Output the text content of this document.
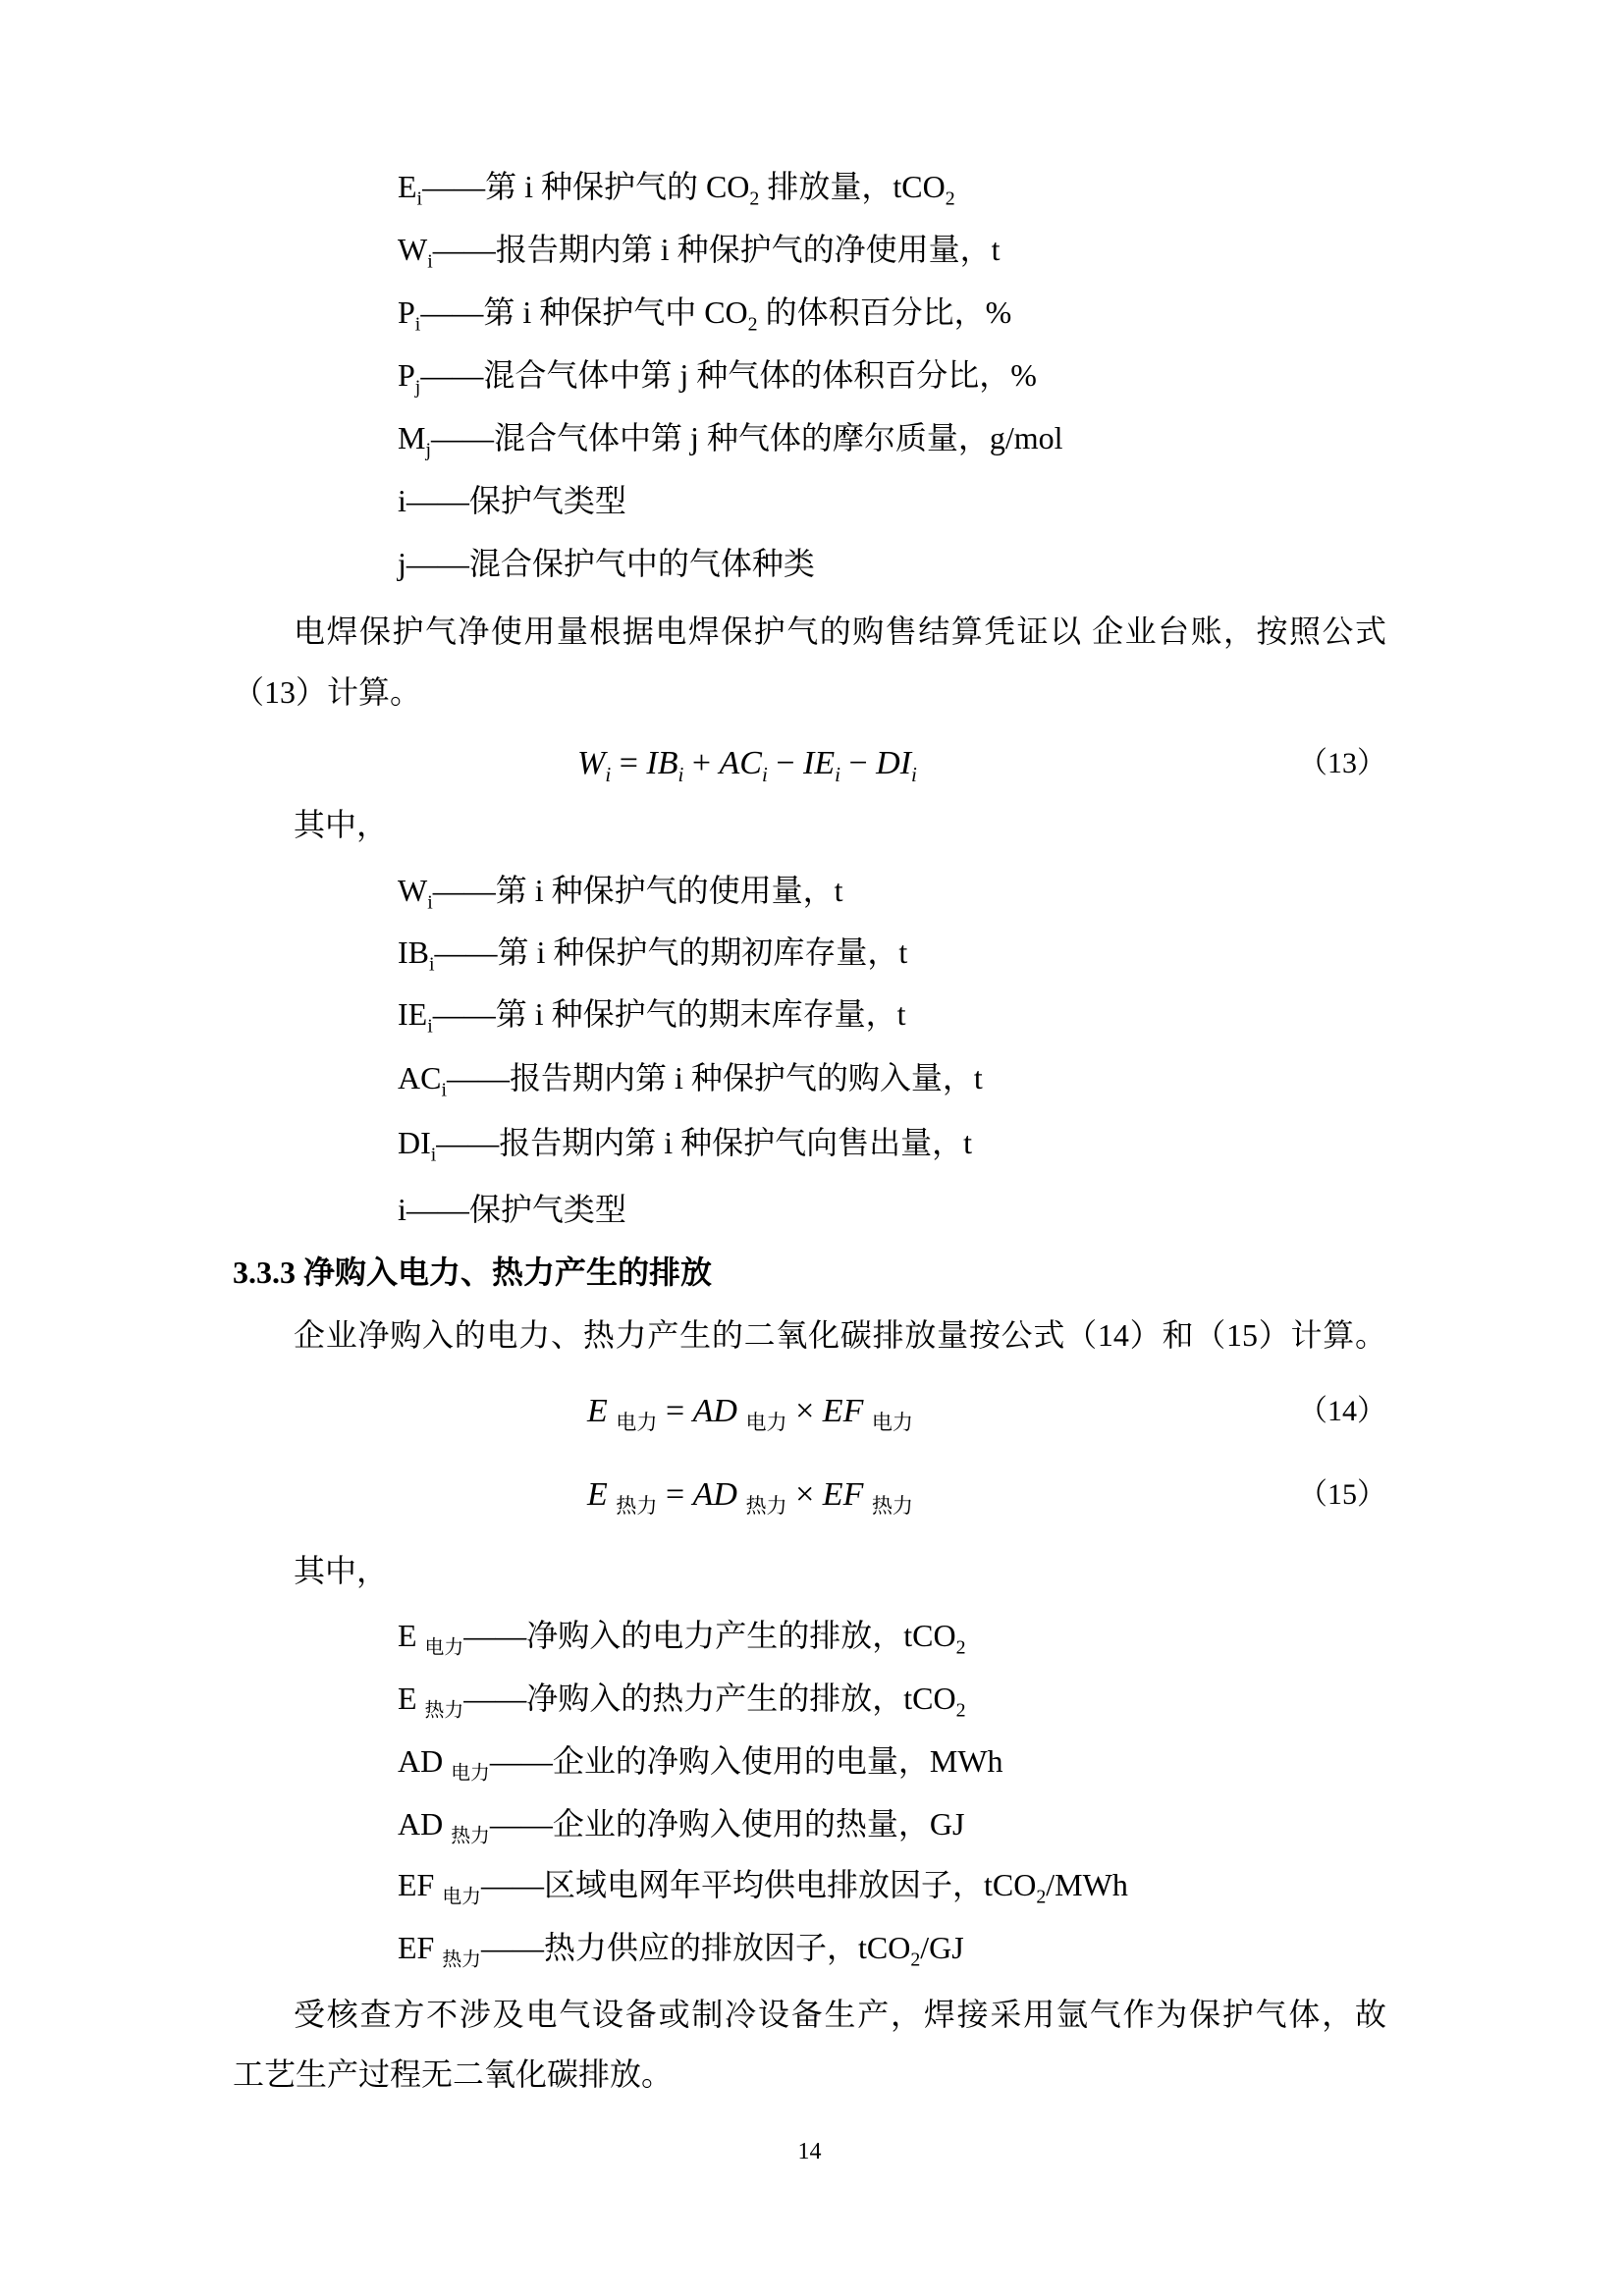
$E_i——$第 i 种保护气的 $CO_2$ 排放量，tCO$_2$
$W_i——$报告期内第 i 种保护气的净使用量，t
$P_i——$第 i 种保护气中 $CO_2$ 的体积百分比，%
$P_j——$混合气体中第 j 种气体的体积百分比，%
$M_j——$混合气体中第 j 种气体的摩尔质量，g/mol
i——保护气类型
j——混合保护气中的气体种类
电焊保护气净使用量根据电焊保护气的购售结算凭证以 企业台账，按照公式
（13）计算。
$W_i = IB_i + AC_i - IE_i - DI_i$	（13）
其中，
$W_i——$第 i 种保护气的使用量，t
$IB_i——$第 i 种保护气的期初库存量，t
$IE_i——$第 i 种保护气的期末库存量，t
$AC_i——$报告期内第 i 种保护气的购入量，t
$DI_i——$报告期内第 i 种保护气向售出量，t
i——保护气类型
3.3.3 净购入电力、热力产生的排放
企业净购入的电力、热力产生的二氧化碳排放量按公式（14）和（15）计算。
E $_{电力}$ = AD $_{电力}$ × EF $_{电力}$	（14）
E $_{热力}$ = AD $_{热力}$ × EF $_{热力}$	（15）
其中，
E $_{电力}$——净购入的电力产生的排放，tCO$_2$
E $_{热力}$——净购入的热力产生的排放，tCO$_2$
AD $_{电力}$——企业的净购入使用的电量，MWh
AD $_{热力}$——企业的净购入使用的热量，GJ
EF $_{电力}$——区域电网年平均供电排放因子，tCO$_2$/MWh
EF $_{热力}$——热力供应的排放因子，tCO$_2$/GJ
受核查方不涉及电气设备或制冷设备生产，焊接采用氩气作为保护气体，故
工艺生产过程无二氧化碳排放。
14
